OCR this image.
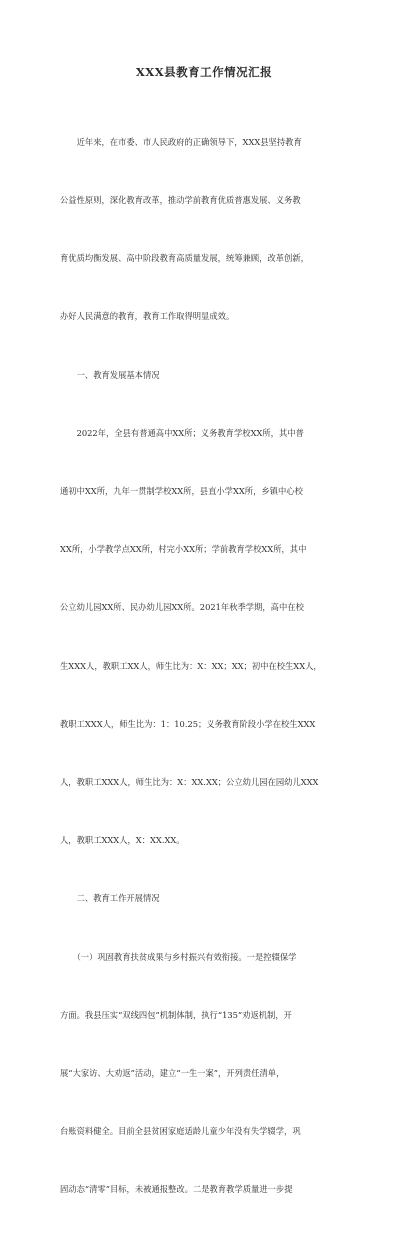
XXX县教育工作情况汇报

　　近年来，在市委、市人民政府的正确领导下，XXX县坚持教育

公益性原则，深化教育改革，推动学前教育优质普惠发展、义务教

育优质均衡发展、高中阶段教育高质量发展，统筹兼顾，改革创新，

办好人民满意的教育，教育工作取得明显成效。

　　一、教育发展基本情况

　　2022年，全县有普通高中XX所；义务教育学校XX所，其中普

通初中XX所，九年一贯制学校XX所，县直小学XX所，乡镇中心校

XX所，小学教学点XX所，村完小XX所；学前教育学校XX所，其中

公立幼儿园XX所、民办幼儿园XX所。2021年秋季学期，高中在校

生XXX人，教职工XX人，师生比为：X：XX；XX；初中在校生XX人，

教职工XXX人，师生比为：1：10.25；义务教育阶段小学在校生XXX

人，教职工XXX人，师生比为：X：XX.XX；公立幼儿园在园幼儿XXX

人，教职工XXX人，X：XX.XX。

　　二、教育工作开展情况

　　（一）巩固教育扶贫成果与乡村振兴有效衔接。一是控辍保学

方面。我县压实“双线四包”机制体制，执行“135”劝返机制，开

展“大家访、大劝返”活动，建立“一生一案”，开列责任清单，

台账资料健全。目前全县贫困家庭适龄儿童少年没有失学辍学，巩

固动态“清零”目标，未被通报整改。二是教育教学质量进一步提
